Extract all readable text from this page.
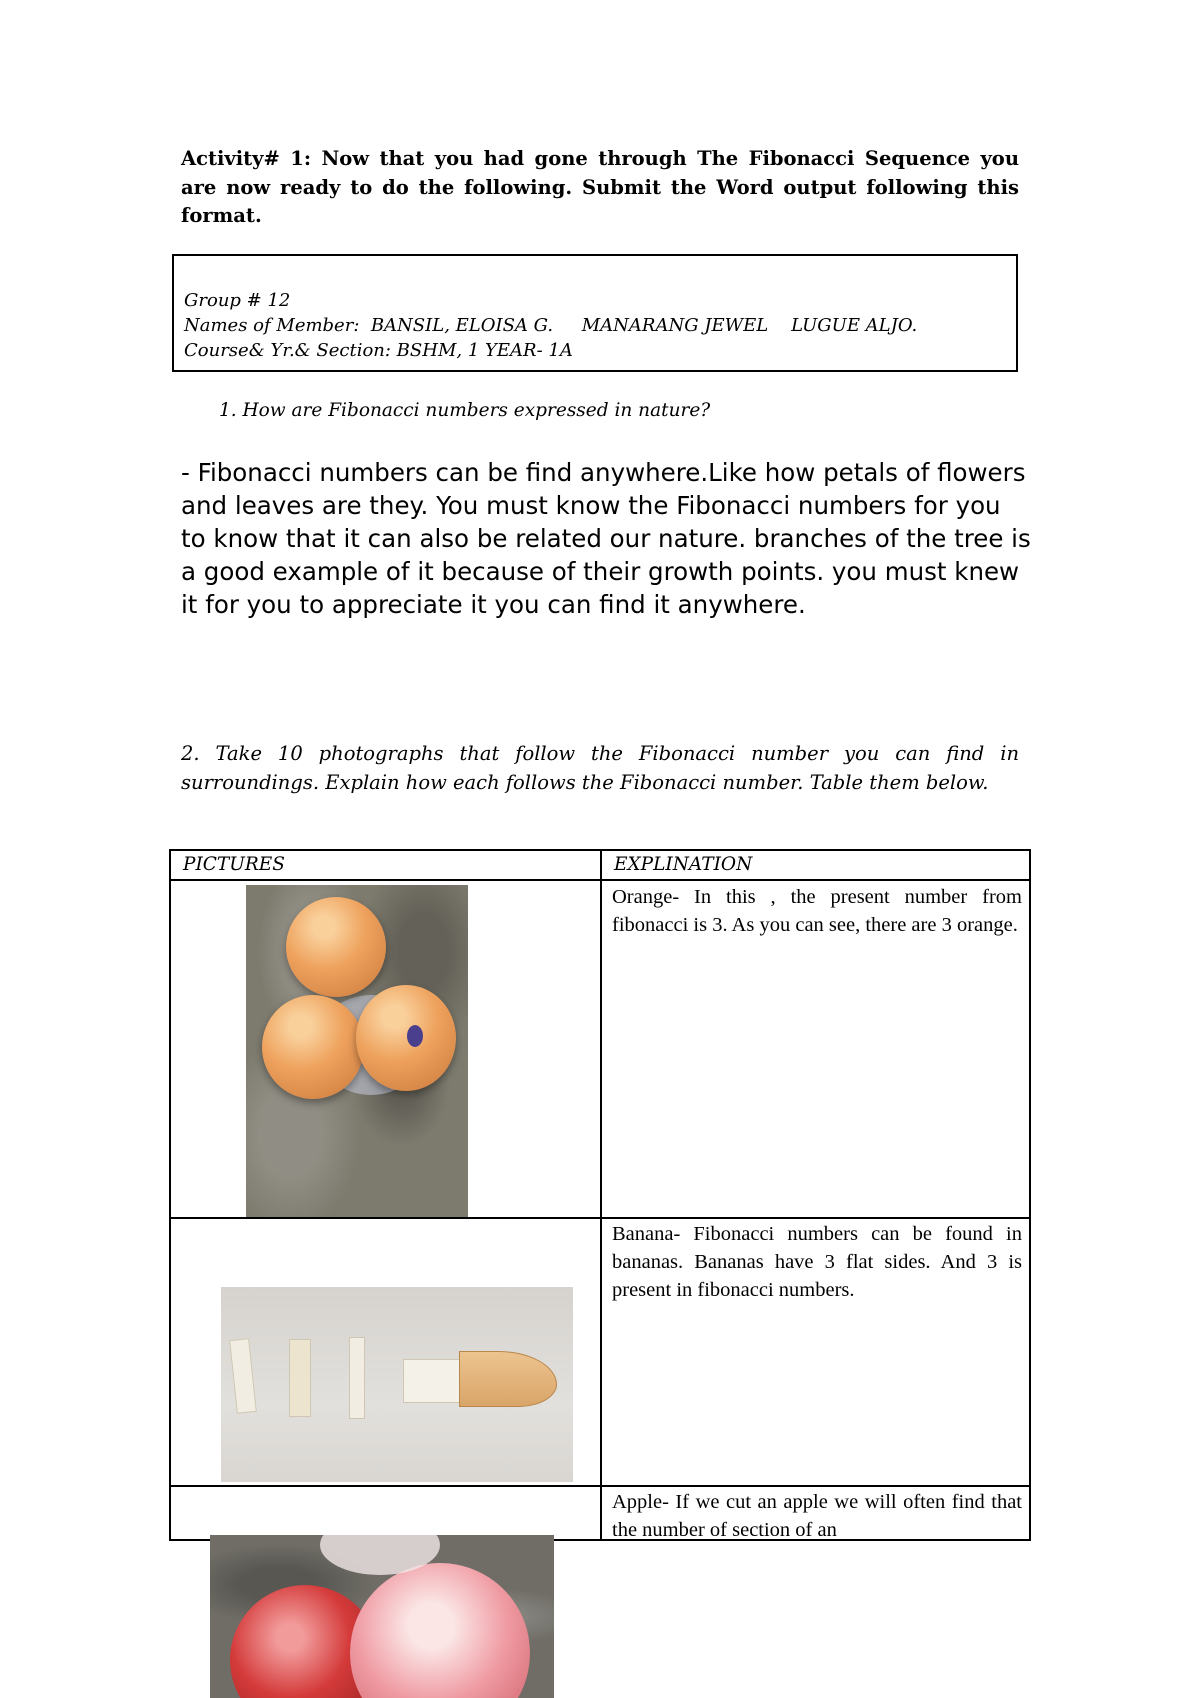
Activity# 1: Now that you had gone through The Fibonacci Sequence you are now ready to do the following. Submit the Word output following this format.
Group # 12
Names of Member:  BANSIL, ELOISA G.     MANARANG JEWEL    LUGUE ALJO.
Course& Yr.& Section: BSHM, 1 YEAR- 1A
1. How are Fibonacci numbers expressed in nature?
- Fibonacci numbers can be find anywhere.Like how petals of flowers and leaves are they. You must know the Fibonacci numbers for you to know that it can also be related our nature. branches of the tree is a good example of it because of their growth points. you must knew it for you to appreciate it you can find it anywhere.
2. Take 10 photographs that follow the Fibonacci number you can find in surroundings. Explain how each follows the Fibonacci number. Table them below.
PICTURES	EXPLINATION
Orange- In this , the present number from fibonacci is 3. As you can see, there are 3 orange.
Banana- Fibonacci numbers can be found in bananas. Bananas have 3 flat sides. And 3 is present in fibonacci numbers.
Apple- If we cut an apple we will often find that the number of section of an
